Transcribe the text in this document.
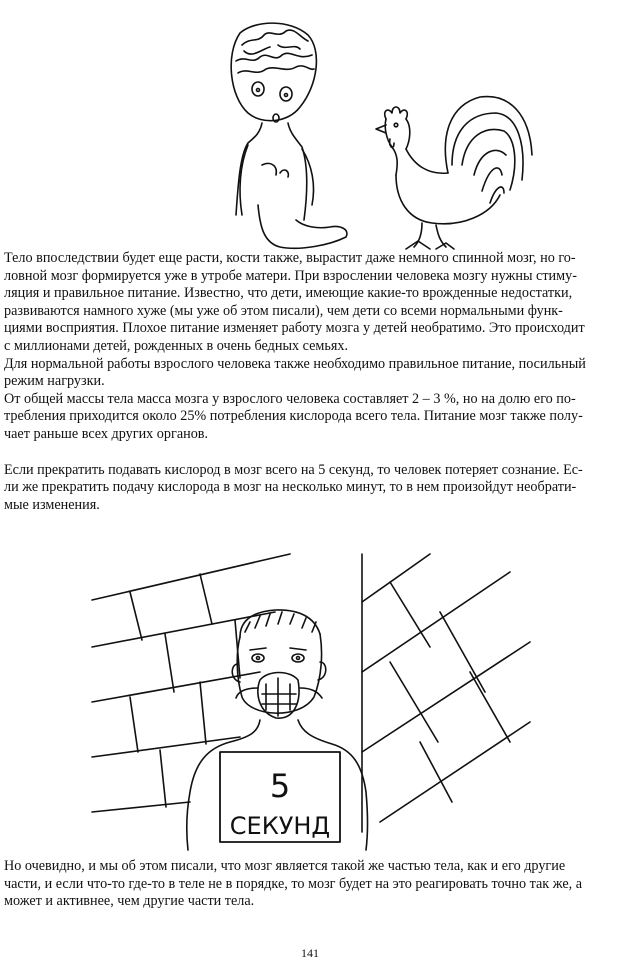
Тело впоследствии будет еще расти, кости также, вырастит даже немного спинной мозг, но го-

ловной мозг формируется уже в утробе матери. При взрослении человека мозгу нужны стиму-

ляция и правильное питание. Известно, что дети, имеющие какие-то врожденные недостатки,

развиваются намного хуже (мы уже об этом писали), чем дети со всеми нормальными функ-

циями восприятия. Плохое питание изменяет работу мозга у детей необратимо. Это происходит

с миллионами детей, рожденных в очень бедных семьях.

Для нормальной работы взрослого человека также необходимо правильное питание, посильный

режим нагрузки.

От общей массы тела масса мозга у взрослого человека составляет 2 – 3 %, но на долю его по-

требления приходится около 25% потребления кислорода всего тела. Питание мозг также полу-

чает раньше всех других органов.

Если прекратить подавать кислород в мозг всего на 5 секунд, то человек потеряет сознание. Ес-

ли же прекратить подачу кислорода в мозг на несколько минут, то в нем произойдут необрати-

мые изменения.

5
СЕКУНД

Но очевидно, и мы об этом писали, что мозг является такой же частью тела, как и его другие

части, и если что-то где-то в теле не в порядке, то мозг будет на это реагировать точно так же, а

может и активнее, чем другие части тела.

141
